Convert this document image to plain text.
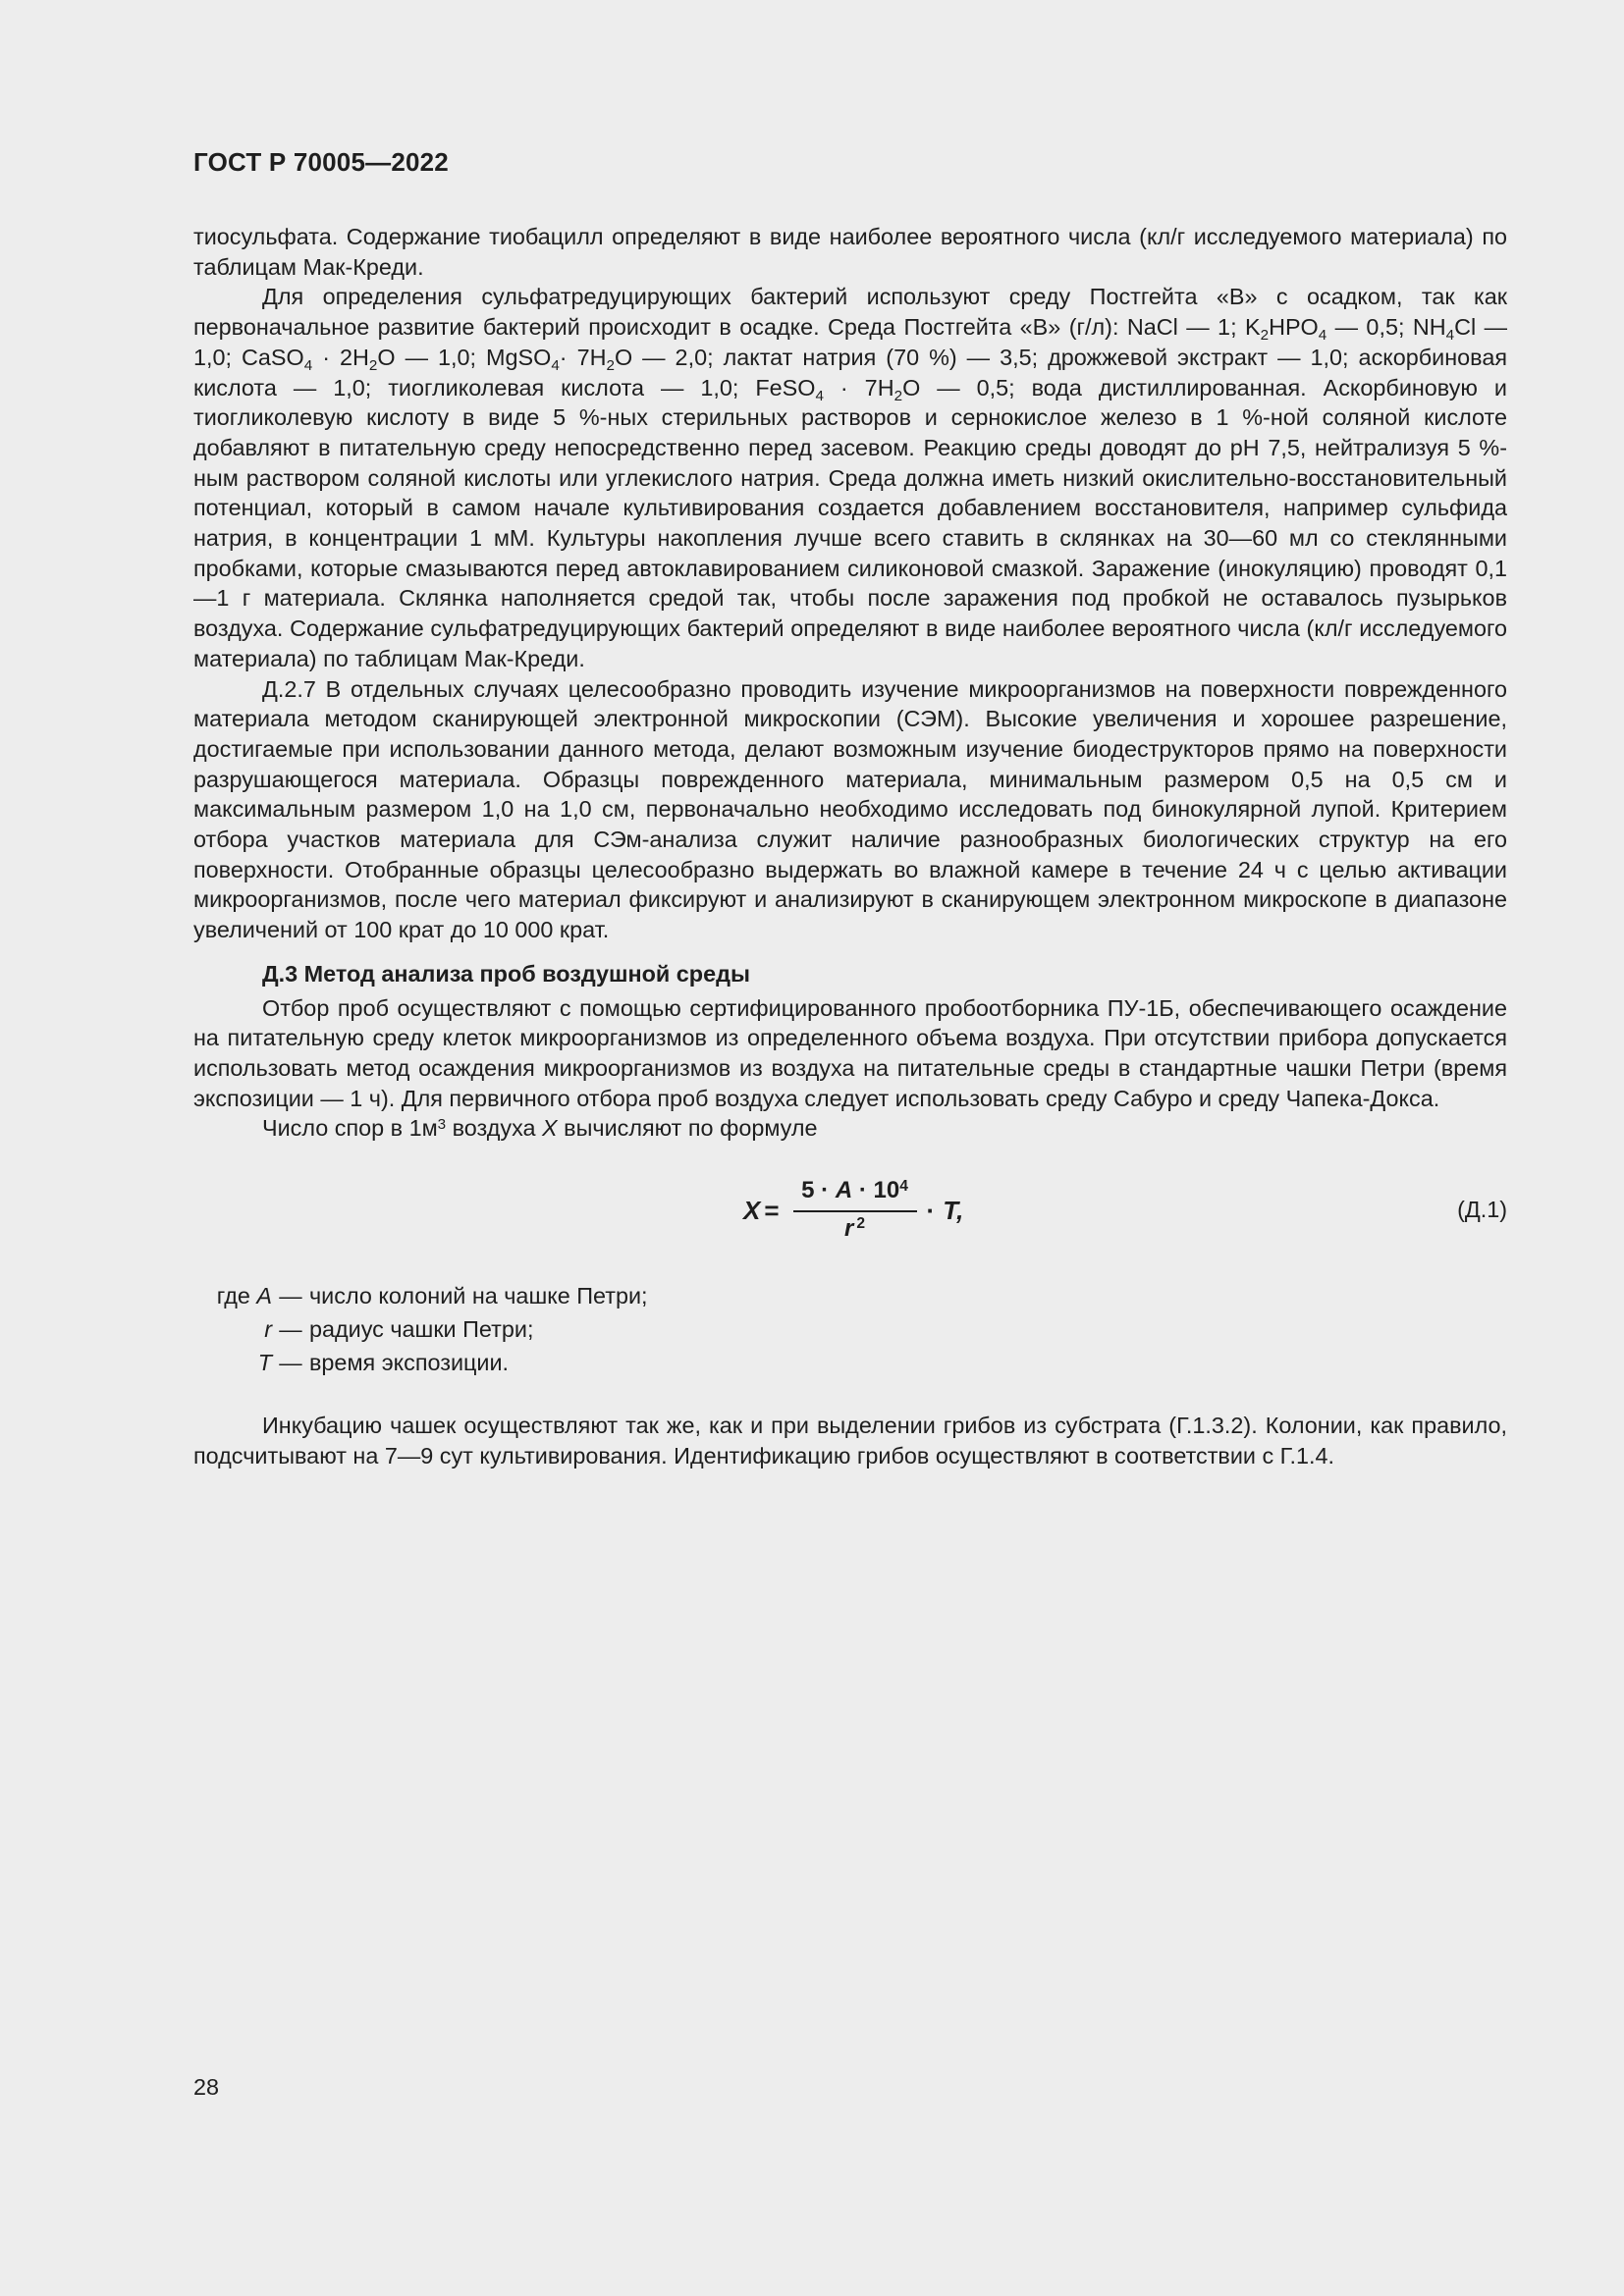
ГОСТ Р 70005—2022

тиосульфата. Содержание тиобацилл определяют в виде наиболее вероятного числа (кл/г исследуемого материала) по таблицам Мак-Креди.

Для определения сульфатредуцирующих бактерий используют среду Постгейта «В» с осадком, так как первоначальное развитие бактерий происходит в осадке. Среда Постгейта «В» (г/л): NaCl — 1; $K_2HPO_4$ — 0,5; $NH_4Cl$ — 1,0; CaSO$_4$ · $2H_2O$ — 1,0; MgSO$_4$· $7H_2O$ — 2,0; лактат натрия (70 %) — 3,5; дрожжевой экстракт — 1,0; аскорбиновая кислота — 1,0; тиогликолевая кислота — 1,0; FeSO$_4$ · $7H_2O$ — 0,5; вода дистиллированная. Аскорбиновую и тиогликолевую кислоту в виде 5 %-ных стерильных растворов и сернокислое железо в 1 %-ной соляной кислоте добавляют в питательную среду непосредственно перед засевом. Реакцию среды доводят до pH 7,5, нейтрализуя 5 %-ным раствором соляной кислоты или углекислого натрия. Среда должна иметь низкий окислительно-восстановительный потенциал, который в самом начале культивирования создается добавлением восстановителя, например сульфида натрия, в концентрации 1 мМ. Культуры накопления лучше всего ставить в склянках на 30—60 мл со стеклянными пробками, которые смазываются перед автоклавированием силиконовой смазкой. Заражение (инокуляцию) проводят 0,1—1 г материала. Склянка наполняется средой так, чтобы после заражения под пробкой не оставалось пузырьков воздуха. Содержание сульфатредуцирующих бактерий определяют в виде наиболее вероятного числа (кл/г исследуемого материала) по таблицам Мак-Креди.

Д.2.7 В отдельных случаях целесообразно проводить изучение микроорганизмов на поверхности поврежденного материала методом сканирующей электронной микроскопии (СЭМ). Высокие увеличения и хорошее разрешение, достигаемые при использовании данного метода, делают возможным изучение биодеструкторов прямо на поверхности разрушающегося материала. Образцы поврежденного материала, минимальным размером 0,5 на 0,5 см и максимальным размером 1,0 на 1,0 см, первоначально необходимо исследовать под бинокулярной лупой. Критерием отбора участков материала для СЭм-анализа служит наличие разнообразных биологических структур на его поверхности. Отобранные образцы целесообразно выдержать во влажной камере в течение 24 ч с целью активации микроорганизмов, после чего материал фиксируют и анализируют в сканирующем электронном микроскопе в диапазоне увеличений от 100 крат до 10 000 крат.

Д.3 Метод анализа проб воздушной среды

Отбор проб осуществляют с помощью сертифицированного пробоотборника ПУ-1Б, обеспечивающего осаждение на питательную среду клеток микроорганизмов из определенного объема воздуха. При отсутствии прибора допускается использовать метод осаждения микроорганизмов из воздуха на питательные среды в стандартные чашки Петри (время экспозиции — 1 ч). Для первичного отбора проб воздуха следует использовать среду Сабуро и среду Чапека-Докса.

Число спор в $1м^3$ воздуха X вычисляют по формуле

$X = \frac{5 \cdot A \cdot 10^4}{r ^2} \cdot T$,	(Д.1)
где A — число колоний на чашке Петри;
r — радиус чашки Петри;
T — время экспозиции.

Инкубацию чашек осуществляют так же, как и при выделении грибов из субстрата (Г.1.3.2). Колонии, как правило, подсчитывают на 7—9 сут культивирования. Идентификацию грибов осуществляют в соответствии с Г.1.4.

28
